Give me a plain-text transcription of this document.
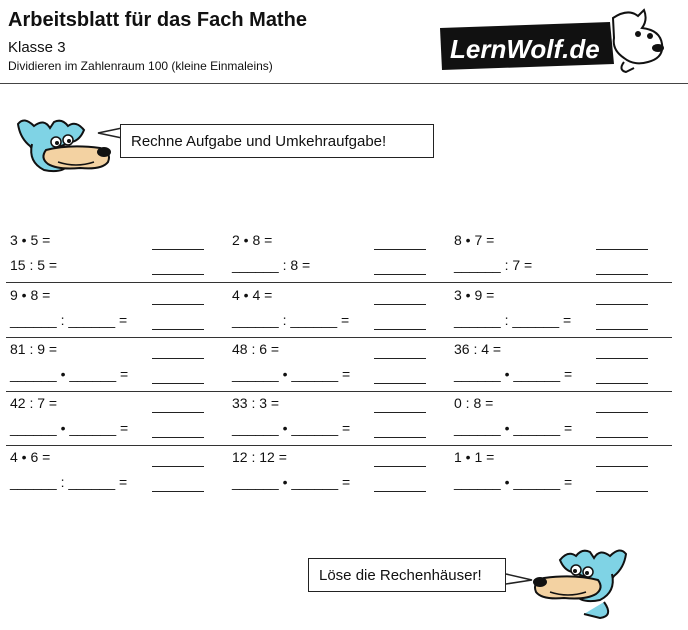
Arbeitsblatt für das Fach Mathe
Klasse 3
Dividieren im Zahlenraum 100 (kleine Einmaleins)
LernWolf.de
Rechne Aufgabe und Umkehraufgabe!
3 • 5 =
15 : 5 =
2 • 8 =
______ : 8 =
8 • 7 =
______ : 7 =
9 • 8 =
______ : ______ =
4 • 4 =
______ : ______ =
3 • 9 =
______ : ______ =
81 : 9 =
______ • ______ =
48 : 6 =
______ • ______ =
36 : 4 =
______ • ______ =
42 : 7 =
______ • ______ =
33 : 3 =
______ • ______ =
0 : 8 =
______ • ______ =
4 • 6 =
______ : ______ =
12 : 12 =
______ • ______ =
1 • 1 =
______ • ______ =
Löse die Rechenhäuser!
